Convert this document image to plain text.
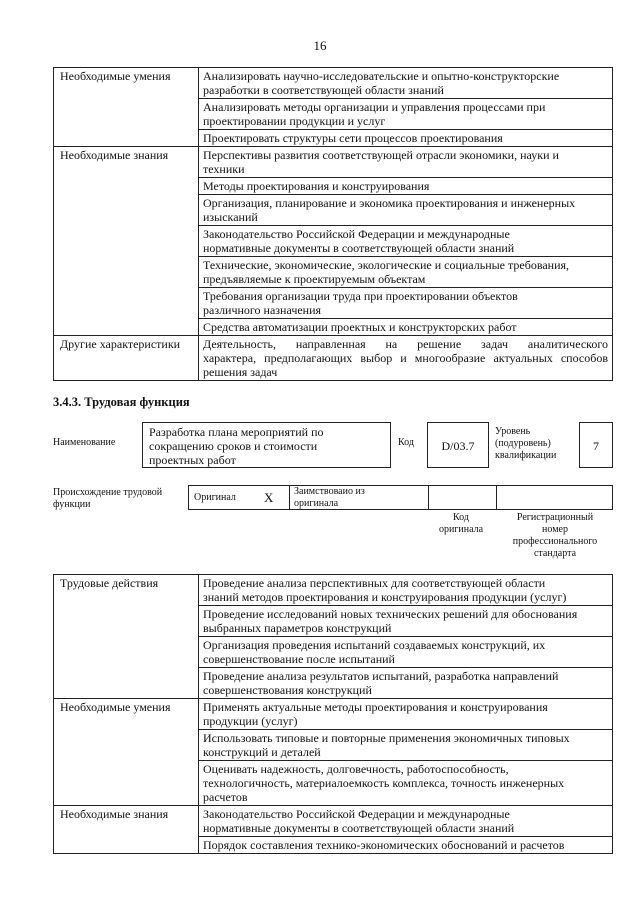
16
Необходимые умения	Анализировать научно-исследовательские и опытно-конструкторские
разработки в соответствующей области знаний

	Анализировать методы организации и управления процессами при
проектировании продукции и услуг

	Проектировать структуры сети процессов проектирования

Необходимые знания	Перспективы развития соответствующей отрасли экономики, науки и
техники

	Методы проектирования и конструирования

	Организация, планирование и экономика проектирования и инженерных
изысканий

	Законодательство Российской Федерации и международные
нормативные документы в соответствующей области знаний

	Технические, экономические, экологические и социальные требования,
предъявляемые к проектируемым объектам

	Требования организации труда при проектировании объектов
различного назначения

	Средства автоматизации проектных и конструкторских работ

Другие характеристики	Деятельность, направленная на решение задач аналитического
характера, предполагающих выбор и многообразие актуальных способов
решения задач
3.4.3. Трудовая функция
Наименование
Разработка плана мероприятий по
сокращению сроков и стоимости
проектных работ
Код	D/03.7
Уровень
(подуровень)
квалификации
7
Происхождение трудовой
функции
Оригинал X Заимствоваио из
оригинала
Код
оригинала
Регистрационный
номер
профессионального
стандарта
Трудовые действия	Проведение анализа перспективных для соответствующей области
знаний методов проектирования и конструирования продукции (услуг)

	Проведение исследований новых технических решений для обоснования
выбранных параметров конструкций

	Организация проведения испытаний создаваемых конструкций, их
совершенствование после испытаний

	Проведение анализа результатов испытаний, разработка направлений
совершенствования конструкций

Необходимые умения	Применять актуальные методы проектирования и конструирования
продукции (услуг)

	Использовать типовые и повторные применения экономичных типовых
конструкций и деталей

	Оценивать надежность, долговечность, работоспособность,
технологичность, материалоемкость комплекса, точность инженерных
расчетов

Необходимые знания	Законодательство Российской Федерации и международные
нормативные документы в соответствующей области знаний

	Порядок составления технико-экономических обоснований и расчетов
